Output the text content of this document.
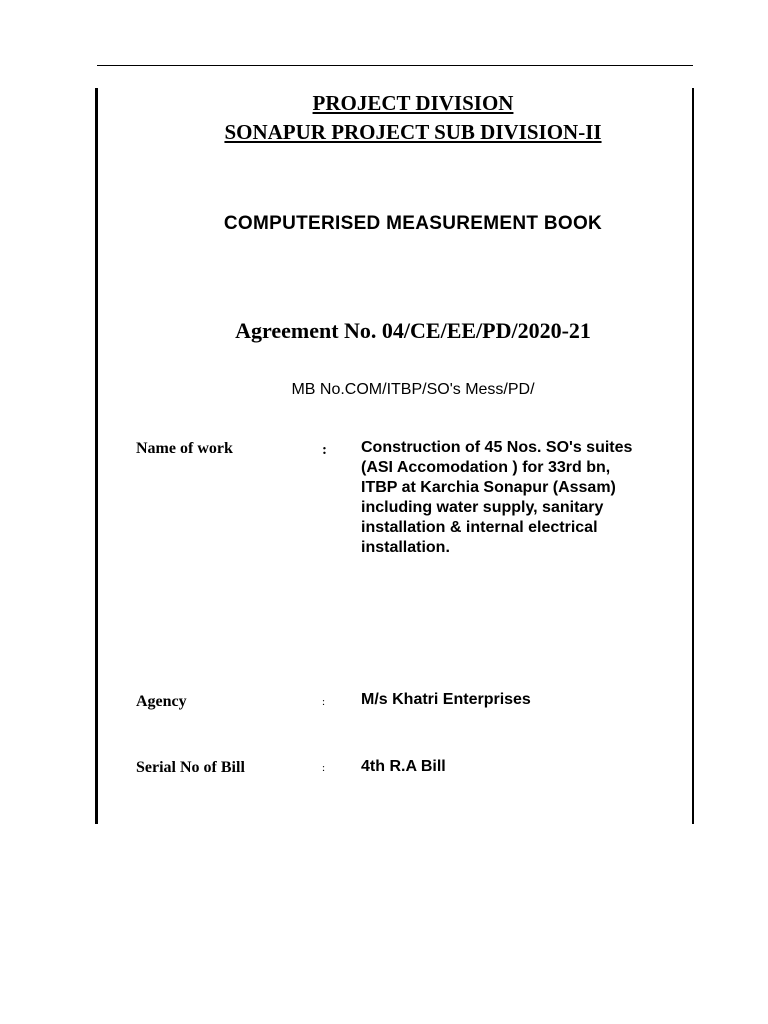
PROJECT DIVISION
SONAPUR PROJECT SUB DIVISION-II
COMPUTERISED MEASUREMENT BOOK
Agreement No. 04/CE/EE/PD/2020-21
MB No.COM/ITBP/SO's Mess/PD/
Name of work	: Construction of 45 Nos. SO's suites
(ASI Accomodation ) for 33rd bn,
ITBP at Karchia Sonapur (Assam)
including water supply, sanitary
installation & internal electrical
installation.
Agency	: M/s Khatri Enterprises
Serial No of Bill	: 4th R.A Bill
